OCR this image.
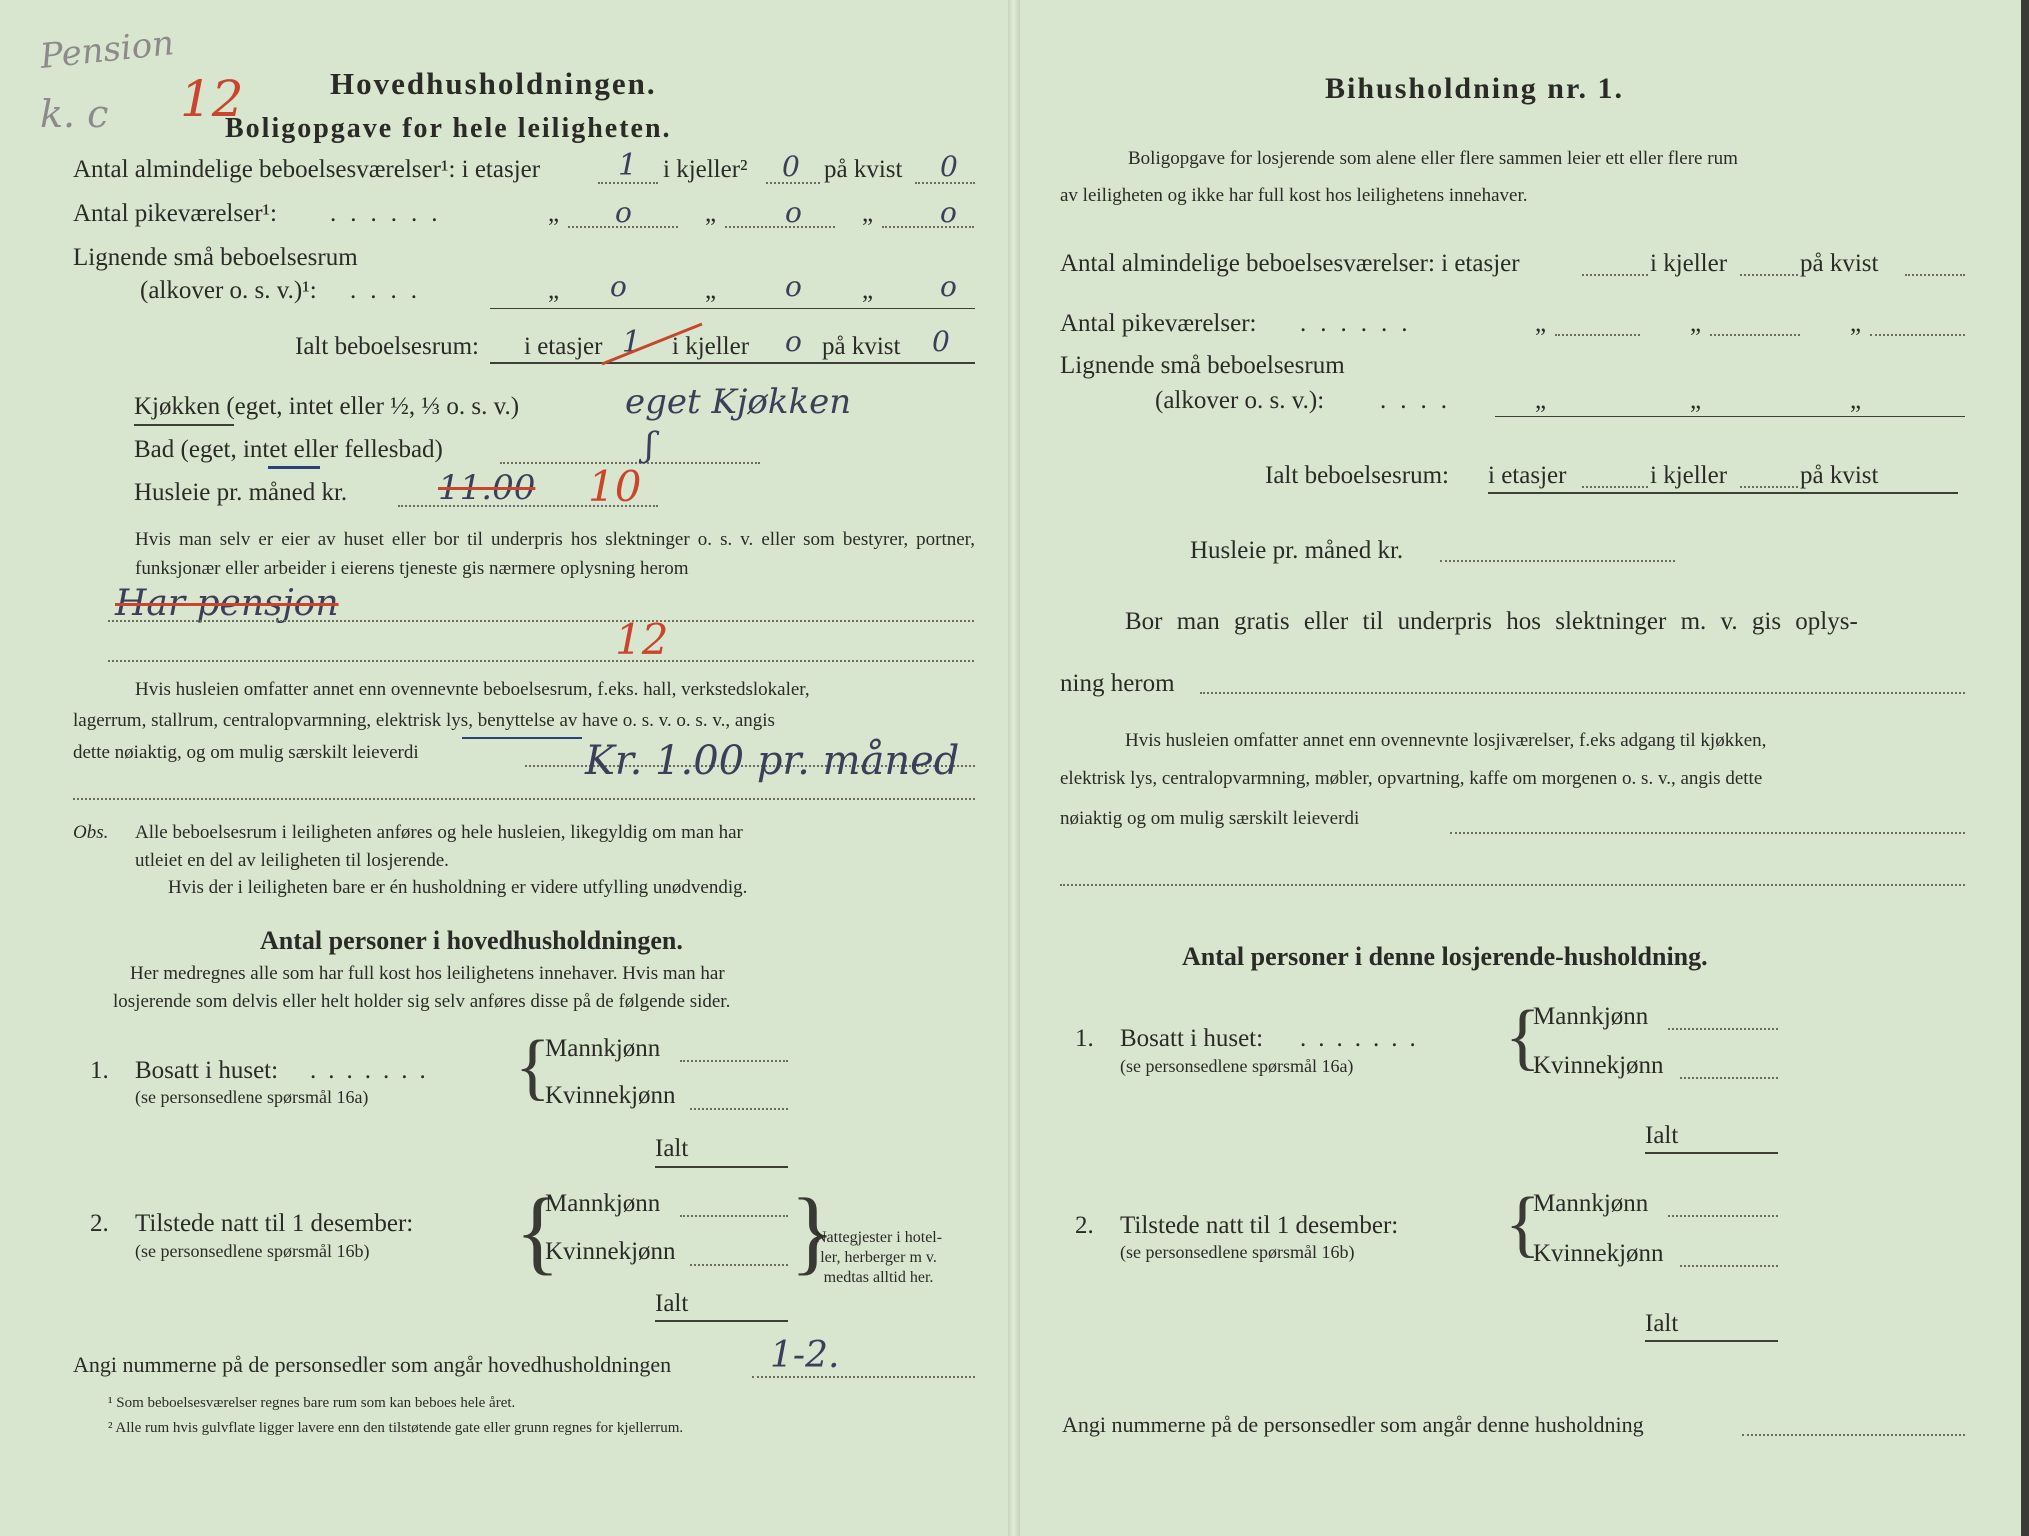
Pension
k. c 12	Hovedhusholdningen.
Boligopgave for hele leiligheten.
Antal almindelige beboelsesværelser¹: i etasjer	1 i kjeller² 0 på kvist 0
Antal pikeværelser¹: ......	„ o	„ o „ o
Lignende små beboelsesrum
(alkover o. s. v.)¹: ....	„ o	„ o „ o
Ialt beboelsesrum: i etasjer 1 i kjeller o på kvist 0
Kjøkken (eget, intet eller ½, ⅓ o. s. v.)	eget Kjøkken
Bad (eget, intet eller fellesbad)	ʃ
Husleie pr. måned kr.	11.00 10
Hvis man selv er eier av huset eller bor til underpris hos slektninger o. s. v. eller som bestyrer, portner, funksjonær eller arbeider i eierens tjeneste gis nærmere oplysning herom
Har pensjon
12
Hvis husleien omfatter annet enn ovennevnte beboelsesrum, f.eks. hall, verkstedslokaler,
lagerrum, stallrum, centralopvarmning, elektrisk lys, benyttelse av have o. s. v. o. s. v., angis
dette nøiaktig, og om mulig særskilt leieverdi	Kr. 1.00 pr. måned
Obs. Alle beboelsesrum i leiligheten anføres og hele husleien, likegyldig om man har
utleiet en del av leiligheten til losjerende.
Hvis der i leiligheten bare er én husholdning er videre utfylling unødvendig.
Antal personer i hovedhusholdningen.
Her medregnes alle som har full kost hos leilighetens innehaver. Hvis man har
losjerende som delvis eller helt holder sig selv anføres disse på de følgende sider.
1. Bosatt i huset: .......
(se personsedlene spørsmål 16a) {
Mannkjønn
Kvinnekjønn
Ialt
2. Tilstede natt til 1 desember:
(se personsedlene spørsmål 16b) {
Mannkjønn
Kvinnekjønn
Ialt
}
Nattegjester i hotel-
ler, herberger m v.
medtas alltid her.
Angi nummerne på de personsedler som angår hovedhusholdningen	1-2.
¹ Som beboelsesværelser regnes bare rum som kan beboes hele året.
² Alle rum hvis gulvflate ligger lavere enn den tilstøtende gate eller grunn regnes for kjellerrum.
Bihusholdning nr. 1.
Boligopgave for losjerende som alene eller flere sammen leier ett eller flere rum
av leiligheten og ikke har full kost hos leilighetens innehaver.
Antal almindelige beboelsesværelser: i etasjer	i kjeller	på kvist
Antal pikeværelser: ......	„	„	„
Lignende små beboelsesrum
(alkover o. s. v.): ....	„	„	„
Ialt beboelsesrum: i etasjer	i kjeller	på kvist
Husleie pr. måned kr.
Bor man gratis eller til underpris hos slektninger m. v. gis oplys-
ning herom
Hvis husleien omfatter annet enn ovennevnte losjiværelser, f.eks adgang til kjøkken,
elektrisk lys, centralopvarmning, møbler, opvartning, kaffe om morgenen o. s. v., angis dette
nøiaktig og om mulig særskilt leieverdi
Antal personer i denne losjerende-husholdning.
1. Bosatt i huset: .......
(se personsedlene spørsmål 16a) {
Mannkjønn
Kvinnekjønn
Ialt
2. Tilstede natt til 1 desember:
(se personsedlene spørsmål 16b) {
Mannkjønn
Kvinnekjønn
Ialt
Angi nummerne på de personsedler som angår denne husholdning
